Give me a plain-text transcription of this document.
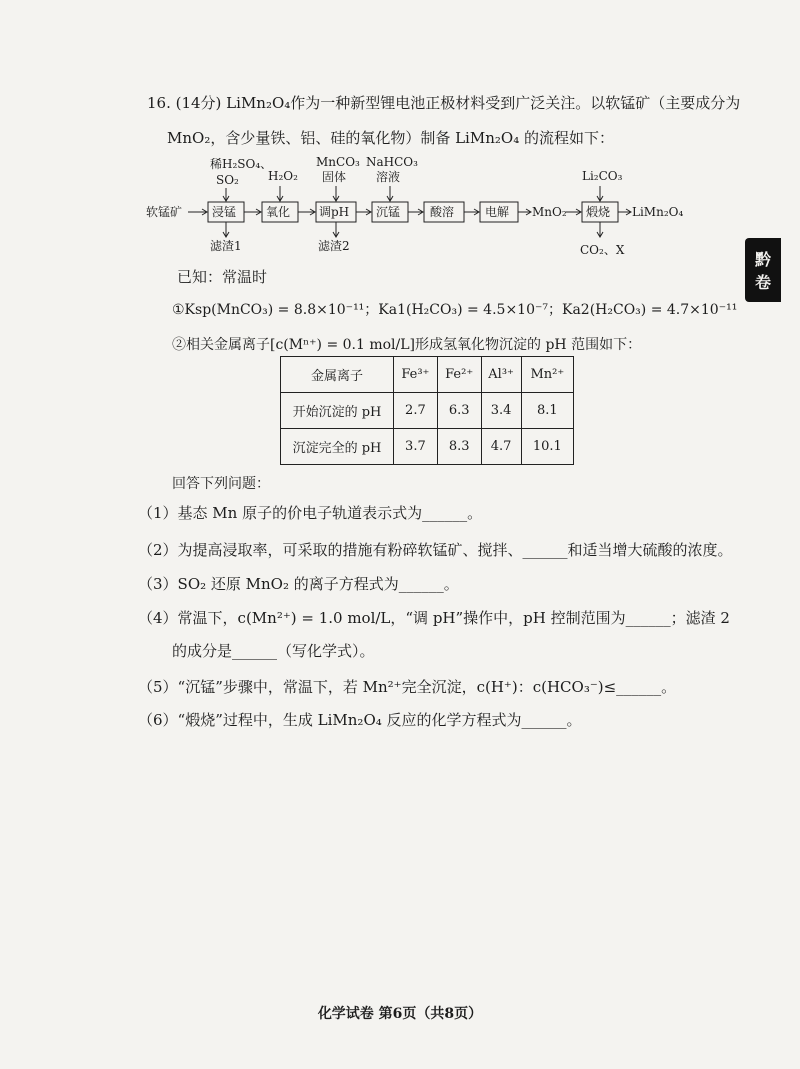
16. (14分) LiMn₂O₄作为一种新型锂电池正极材料受到广泛关注。以软锰矿（主要成分为
MnO₂，含少量铁、铝、硅的氧化物）制备 LiMn₂O₄ 的流程如下：
软锰矿 浸锰 氧化 调pH 沉锰 酸溶	电解 MnO₂ 煅烧 LiMn₂O₄
稀H₂SO₄、
SO₂ H₂O₂
MnCO₃
固体
NaHCO₃
溶液	Li₂CO₃
滤渣1	滤渣2	CO₂、X
已知：常温时
①Ksp(MnCO₃) = 8.8×10⁻¹¹；Ka1(H₂CO₃) = 4.5×10⁻⁷；Ka2(H₂CO₃) = 4.7×10⁻¹¹
②相关金属离子[c(Mⁿ⁺) = 0.1 mol/L]形成氢氧化物沉淀的 pH 范围如下：
金属离子	Fe³⁺	Fe²⁺	Al³⁺	Mn²⁺
开始沉淀的 pH	2.7	6.3	3.4	8.1
沉淀完全的 pH	3.7	8.3	4.7	10.1
回答下列问题：
（1）基态 Mn 原子的价电子轨道表示式为______。
（2）为提高浸取率，可采取的措施有粉碎软锰矿、搅拌、______和适当增大硫酸的浓度。
（3）SO₂ 还原 MnO₂ 的离子方程式为______。
（4）常温下，c(Mn²⁺) = 1.0 mol/L，“调 pH”操作中，pH 控制范围为______；滤渣 2
的成分是______（写化学式）。
（5）“沉锰”步骤中，常温下，若 Mn²⁺完全沉淀，c(H⁺)：c(HCO₃⁻)≤______。
（6）“煅烧”过程中，生成 LiMn₂O₄ 反应的化学方程式为______。
化学试卷 第6页（共8页）
黔
卷
